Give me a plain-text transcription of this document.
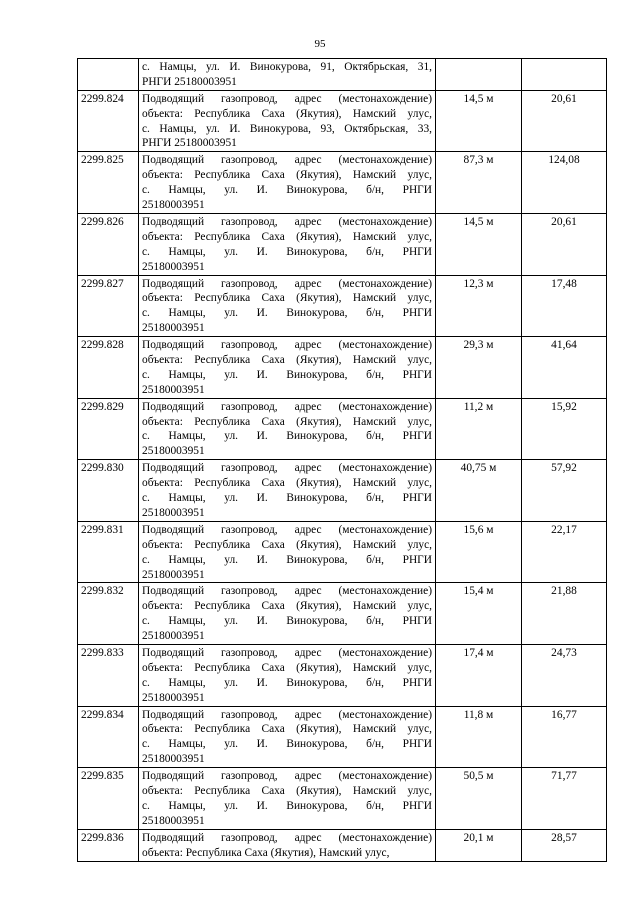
95

	с. Намцы, ул. И. Винокурова, 91, Октябрьская, 31,
РНГИ 25180003951		

2299.824	Подводящий газопровод, адрес (местонахождение)
объекта: Республика Саха (Якутия), Намский улус,
с. Намцы, ул. И. Винокурова, 93, Октябрьская, 33,
РНГИ 25180003951	14,5 м	20,61
2299.825	Подводящий газопровод, адрес (местонахождение)
объекта: Республика Саха (Якутия), Намский улус,
с. Намцы, ул. И. Винокурова, б/н, РНГИ
25180003951	87,3 м	124,08
2299.826	Подводящий газопровод, адрес (местонахождение)
объекта: Республика Саха (Якутия), Намский улус,
с. Намцы, ул. И. Винокурова, б/н, РНГИ
25180003951	14,5 м	20,61
2299.827	Подводящий газопровод, адрес (местонахождение)
объекта: Республика Саха (Якутия), Намский улус,
с. Намцы, ул. И. Винокурова, б/н, РНГИ
25180003951	12,3 м	17,48
2299.828	Подводящий газопровод, адрес (местонахождение)
объекта: Республика Саха (Якутия), Намский улус,
с. Намцы, ул. И. Винокурова, б/н, РНГИ
25180003951	29,3 м	41,64
2299.829	Подводящий газопровод, адрес (местонахождение)
объекта: Республика Саха (Якутия), Намский улус,
с. Намцы, ул. И. Винокурова, б/н, РНГИ
25180003951	11,2 м	15,92
2299.830	Подводящий газопровод, адрес (местонахождение)
объекта: Республика Саха (Якутия), Намский улус,
с. Намцы, ул. И. Винокурова, б/н, РНГИ
25180003951	40,75 м	57,92
2299.831	Подводящий газопровод, адрес (местонахождение)
объекта: Республика Саха (Якутия), Намский улус,
с. Намцы, ул. И. Винокурова, б/н, РНГИ
25180003951	15,6 м	22,17
2299.832	Подводящий газопровод, адрес (местонахождение)
объекта: Республика Саха (Якутия), Намский улус,
с. Намцы, ул. И. Винокурова, б/н, РНГИ
25180003951	15,4 м	21,88
2299.833	Подводящий газопровод, адрес (местонахождение)
объекта: Республика Саха (Якутия), Намский улус,
с. Намцы, ул. И. Винокурова, б/н, РНГИ
25180003951	17,4 м	24,73
2299.834	Подводящий газопровод, адрес (местонахождение)
объекта: Республика Саха (Якутия), Намский улус,
с. Намцы, ул. И. Винокурова, б/н, РНГИ
25180003951	11,8 м	16,77
2299.835	Подводящий газопровод, адрес (местонахождение)
объекта: Республика Саха (Якутия), Намский улус,
с. Намцы, ул. И. Винокурова, б/н, РНГИ
25180003951	50,5 м	71,77
2299.836	Подводящий газопровод, адрес (местонахождение)
объекта: Республика Саха (Якутия), Намский улус,	20,1 м	28,57
